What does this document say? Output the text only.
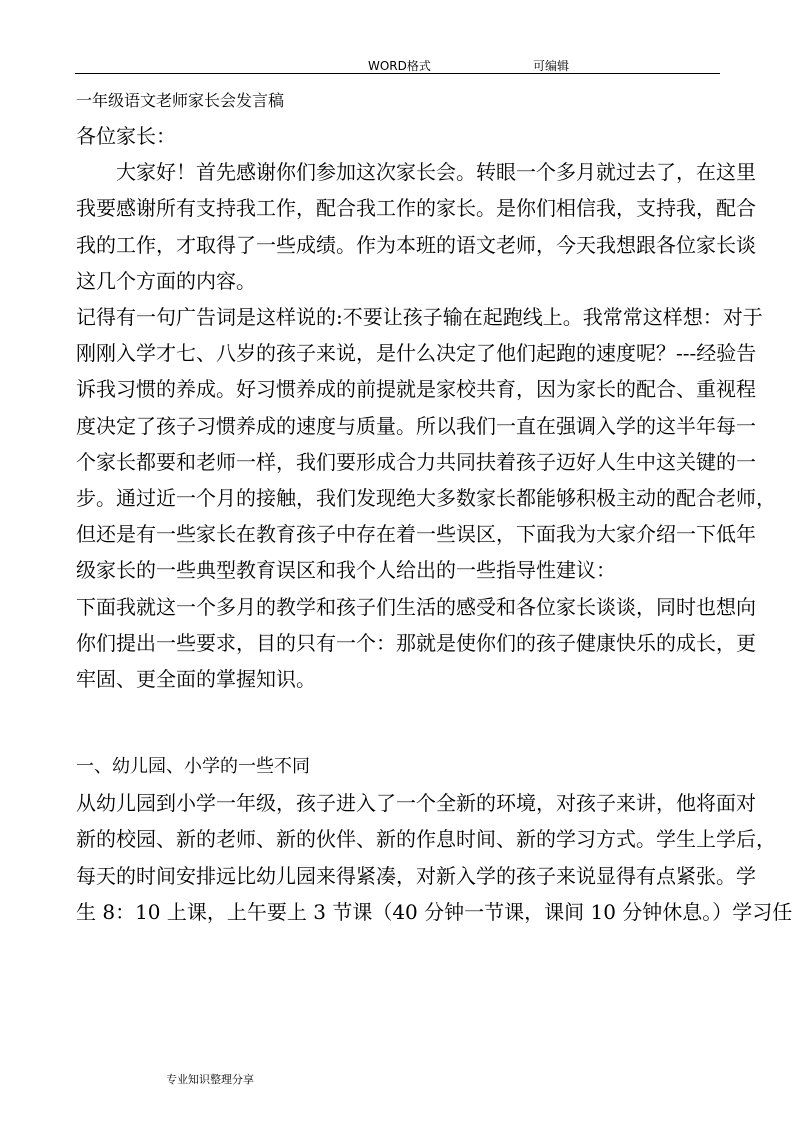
WORD格式	可编辑

一年级语文老师家长会发言稿

各位家长：

大家好！首先感谢你们参加这次家长会。转眼一个多月就过去了，在这里

我要感谢所有支持我工作，配合我工作的家长。是你们相信我，支持我，配合

我的工作，才取得了一些成绩。作为本班的语文老师，今天我想跟各位家长谈

这几个方面的内容。

记得有一句广告词是这样说的:不要让孩子输在起跑线上。我常常这样想：对于

刚刚入学才七、八岁的孩子来说，是什么决定了他们起跑的速度呢？---经验告

诉我习惯的养成。好习惯养成的前提就是家校共育，因为家长的配合、重视程

度决定了孩子习惯养成的速度与质量。所以我们一直在强调入学的这半年每一

个家长都要和老师一样，我们要形成合力共同扶着孩子迈好人生中这关键的一

步。通过近一个月的接触，我们发现绝大多数家长都能够积极主动的配合老师，

但还是有一些家长在教育孩子中存在着一些误区，下面我为大家介绍一下低年

级家长的一些典型教育误区和我个人给出的一些指导性建议：

下面我就这一个多月的教学和孩子们生活的感受和各位家长谈谈，同时也想向

你们提出一些要求，目的只有一个：那就是使你们的孩子健康快乐的成长，更

牢固、更全面的掌握知识。

一、幼儿园、小学的一些不同

从幼儿园到小学一年级，孩子进入了一个全新的环境，对孩子来讲，他将面对

新的校园、新的老师、新的伙伴、新的作息时间、新的学习方式。学生上学后，

每天的时间安排远比幼儿园来得紧凑，对新入学的孩子来说显得有点紧张。学

生 8：10 上课，上午要上 3 节课（40 分钟一节课，课间 10 分钟休息。）学习任

专业知识整理分享
